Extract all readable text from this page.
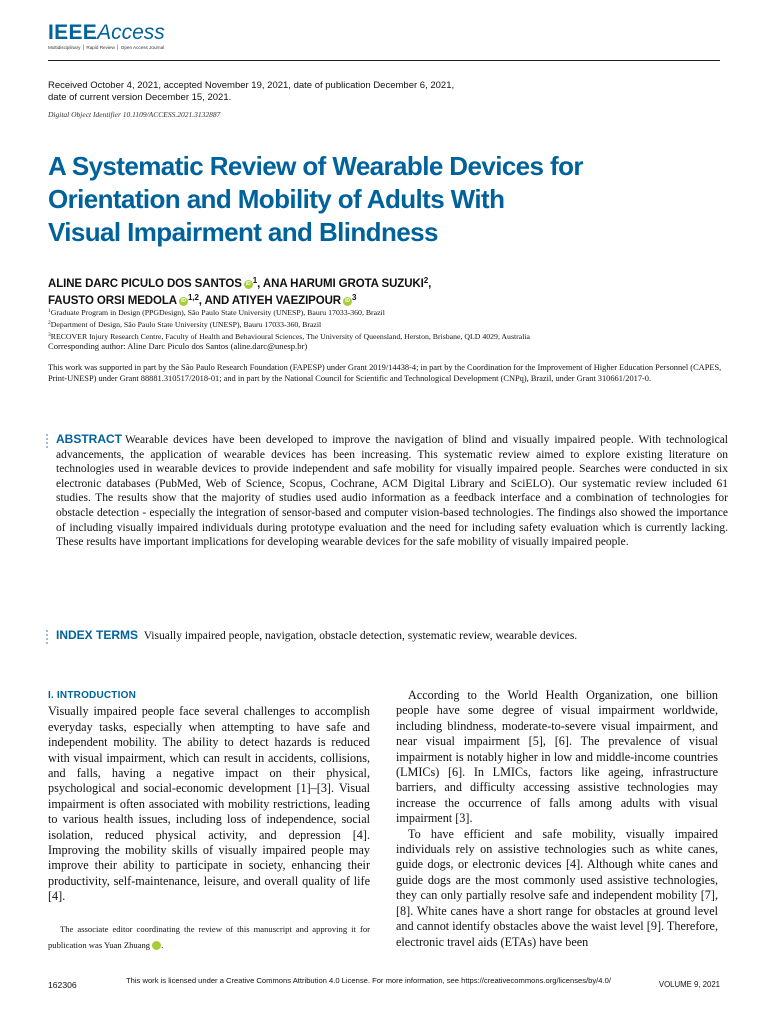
IEEEAccess
Multidisciplinary ⎪ Rapid Review ⎪ Open Access Journal
Received October 4, 2021, accepted November 19, 2021, date of publication December 6, 2021,
date of current version December 15, 2021.
Digital Object Identifier 10.1109/ACCESS.2021.3132887
A Systematic Review of Wearable Devices for
Orientation and Mobility of Adults With
Visual Impairment and Blindness
ALINE DARC PICULO DOS SANTOS iD $^1$, ANA HARUMI GROTA SUZUKI$^2$,
FAUSTO ORSI MEDOLA iD $^{1,2}$, AND ATIYEH VAEZIPOUR iD $^3$
$^1$Graduate Program in Design (PPGDesign), São Paulo State University (UNESP), Bauru 17033-360, Brazil
$^2$Department of Design, São Paulo State University (UNESP), Bauru 17033-360, Brazil
$^3$RECOVER Injury Research Centre, Faculty of Health and Behavioural Sciences, The University of Queensland, Herston, Brisbane, QLD 4029, Australia
Corresponding author: Aline Darc Piculo dos Santos (aline.darc@unesp.br)
This work was supported in part by the São Paulo Research Foundation (FAPESP) under Grant 2019/14438-4; in part by the Coordination for the Improvement of Higher Education Personnel (CAPES, Print-UNESP) under Grant 88881.310517/2018-01; and in part by the National Council for Scientific and Technological Development (CNPq), Brazil, under Grant 310661/2017-0.
ABSTRACT Wearable devices have been developed to improve the navigation of blind and visually impaired people. With technological advancements, the application of wearable devices has been increasing. This systematic review aimed to explore existing literature on technologies used in wearable devices to provide independent and safe mobility for visually impaired people. Searches were conducted in six electronic databases (PubMed, Web of Science, Scopus, Cochrane, ACM Digital Library and SciELO). Our systematic review included 61 studies. The results show that the majority of studies used audio information as a feedback interface and a combination of technologies for obstacle detection - especially the integration of sensor-based and computer vision-based technologies. The findings also showed the importance of including visually impaired individuals during prototype evaluation and the need for including safety evaluation which is currently lacking. These results have important implications for developing wearable devices for the safe mobility of visually impaired people.
INDEX TERMS Visually impaired people, navigation, obstacle detection, systematic review, wearable devices.
I. INTRODUCTION

Visually impaired people face several challenges to accomplish everyday tasks, especially when attempting to have safe and independent mobility. The ability to detect hazards is reduced with visual impairment, which can result in accidents, collisions, and falls, having a negative impact on their physical, psychological and social-economic development [1]–[3]. Visual impairment is often associated with mobility restrictions, leading to various health issues, including loss of independence, social isolation, reduced physical activity, and depression [4]. Improving the mobility skills of visually impaired people may improve their ability to participate in society, enhancing their productivity, self-maintenance, leisure, and overall quality of life [4].

The associate editor coordinating the review of this manuscript and approving it for publication was Yuan Zhuang	iD.

According to the World Health Organization, one billion people have some degree of visual impairment worldwide, including blindness, moderate-to-severe visual impairment, and near visual impairment [5], [6]. The prevalence of visual impairment is notably higher in low and middle-income countries (LMICs) [6]. In LMICs, factors like ageing, infrastructure barriers, and difficulty accessing assistive technologies may increase the occurrence of falls among adults with visual impairment [3].

To have efficient and safe mobility, visually impaired individuals rely on assistive technologies such as white canes, guide dogs, or electronic devices [4]. Although white canes and guide dogs are the most commonly used assistive technologies, they can only partially resolve safe and independent mobility [7], [8]. White canes have a short range for obstacles at ground level and cannot identify obstacles above the waist level [9]. Therefore, electronic travel aids (ETAs) have been

162306	This work is licensed under a Creative Commons Attribution 4.0 License. For more information, see https://creativecommons.org/licenses/by/4.0/	VOLUME 9, 2021
